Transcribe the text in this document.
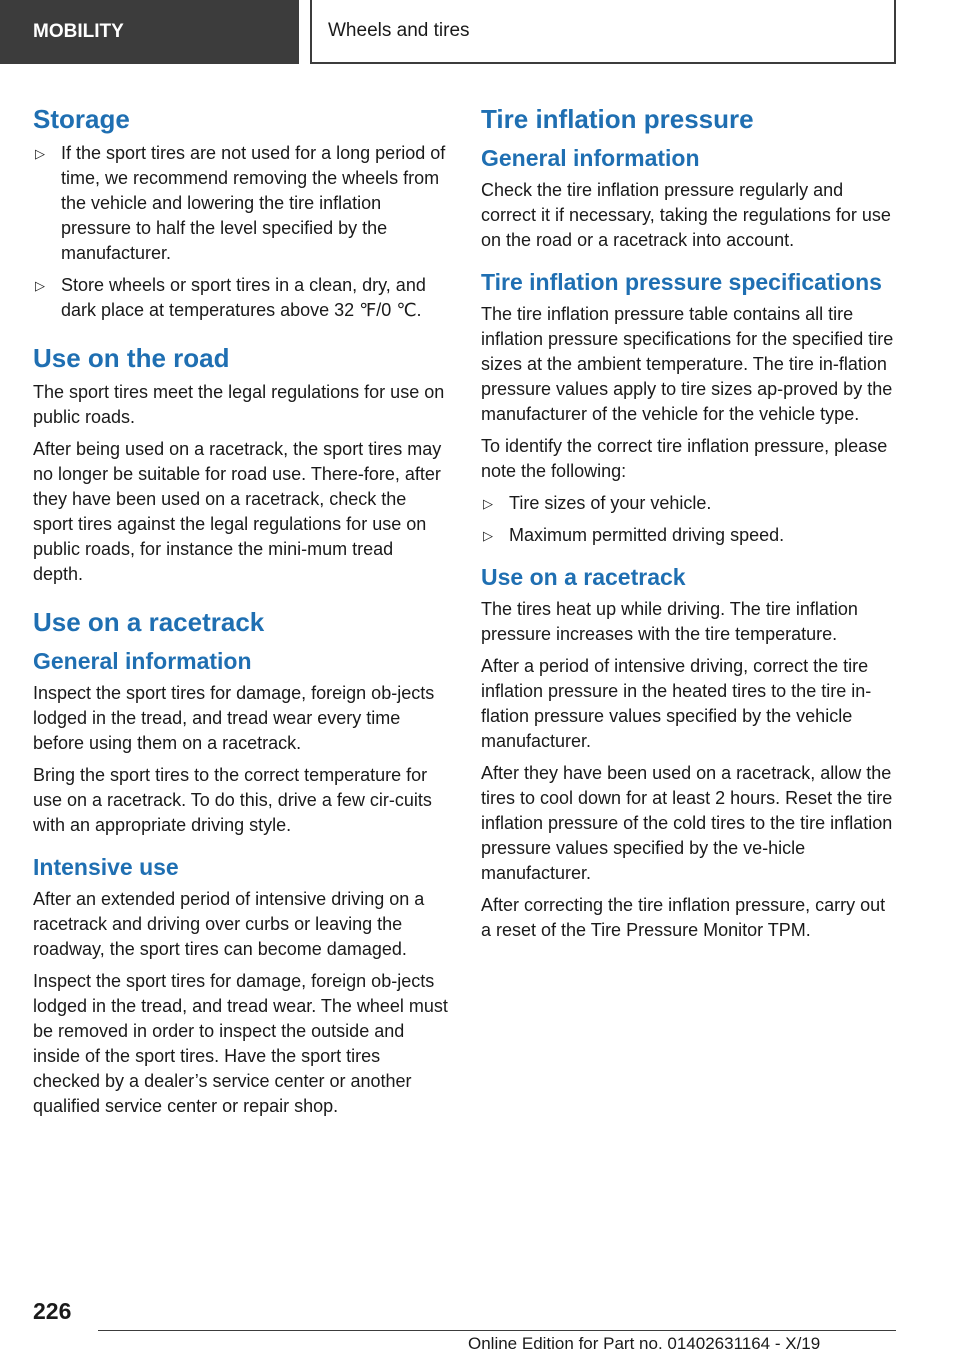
MOBILITY	Wheels and tires
Storage
▷ If the sport tires are not used for a long period of time, we recommend removing the wheels from the vehicle and lowering the tire inflation pressure to half the level specified by the manufacturer.
▷ Store wheels or sport tires in a clean, dry, and dark place at temperatures above 32 ℉/0 ℃.
Use on the road

The sport tires meet the legal regulations for use on public roads.

After being used on a racetrack, the sport tires may no longer be suitable for road use. There‐fore, after they have been used on a racetrack, check the sport tires against the legal regulations for use on public roads, for instance the mini‐mum tread depth.

Use on a racetrack
General information

Inspect the sport tires for damage, foreign ob‐jects lodged in the tread, and tread wear every time before using them on a racetrack.

Bring the sport tires to the correct temperature for use on a racetrack. To do this, drive a few cir‐cuits with an appropriate driving style.

Intensive use

After an extended period of intensive driving on a racetrack and driving over curbs or leaving the roadway, the sport tires can become damaged.

Inspect the sport tires for damage, foreign ob‐jects lodged in the tread, and tread wear. The wheel must be removed in order to inspect the outside and inside of the sport tires. Have the sport tires checked by a dealer’s service center or another qualified service center or repair shop.

Tire inflation pressure
General information

Check the tire inflation pressure regularly and correct it if necessary, taking the regulations for use on the road or a racetrack into account.

Tire inflation pressure specifications

The tire inflation pressure table contains all tire inflation pressure specifications for the specified tire sizes at the ambient temperature. The tire in‐flation pressure values apply to tire sizes ap‐proved by the manufacturer of the vehicle for the vehicle type.

To identify the correct tire inflation pressure, please note the following:

▷ Tire sizes of your vehicle.
▷ Maximum permitted driving speed.
Use on a racetrack

The tires heat up while driving. The tire inflation pressure increases with the tire temperature.

After a period of intensive driving, correct the tire inflation pressure in the heated tires to the tire in‐flation pressure values specified by the vehicle manufacturer.

After they have been used on a racetrack, allow the tires to cool down for at least 2 hours. Reset the tire inflation pressure of the cold tires to the tire inflation pressure values specified by the ve‐hicle manufacturer.

After correcting the tire inflation pressure, carry out a reset of the Tire Pressure Monitor TPM.

226
Online Edition for Part no. 01402631164 - X/19
